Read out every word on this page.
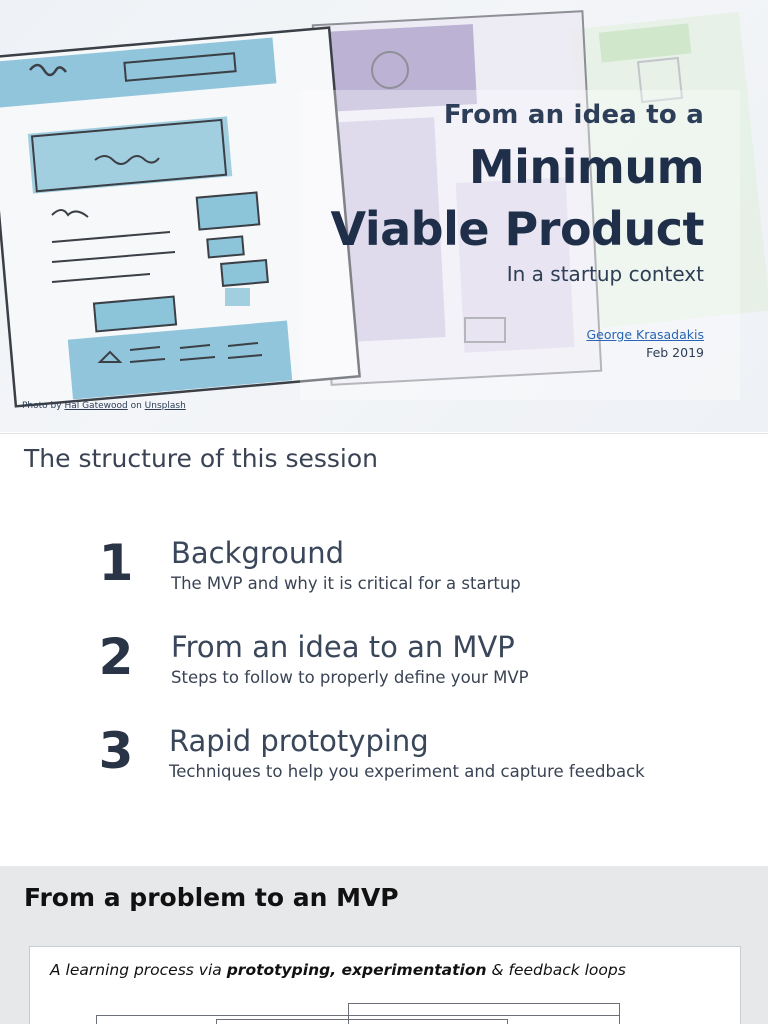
From an idea to a
Minimum
Viable Product
In a startup context
George Krasadakis
Feb 2019
Photo by Hal Gatewood on Unsplash
The structure of this session
1 Background
The MVP and why it is critical for a startup
2 From an idea to an MVP
Steps to follow to properly define your MVP
3 Rapid prototyping
Techniques to help you experiment and capture feedback
From a problem to an MVP
A learning process via prototyping, experimentation & feedback loops
